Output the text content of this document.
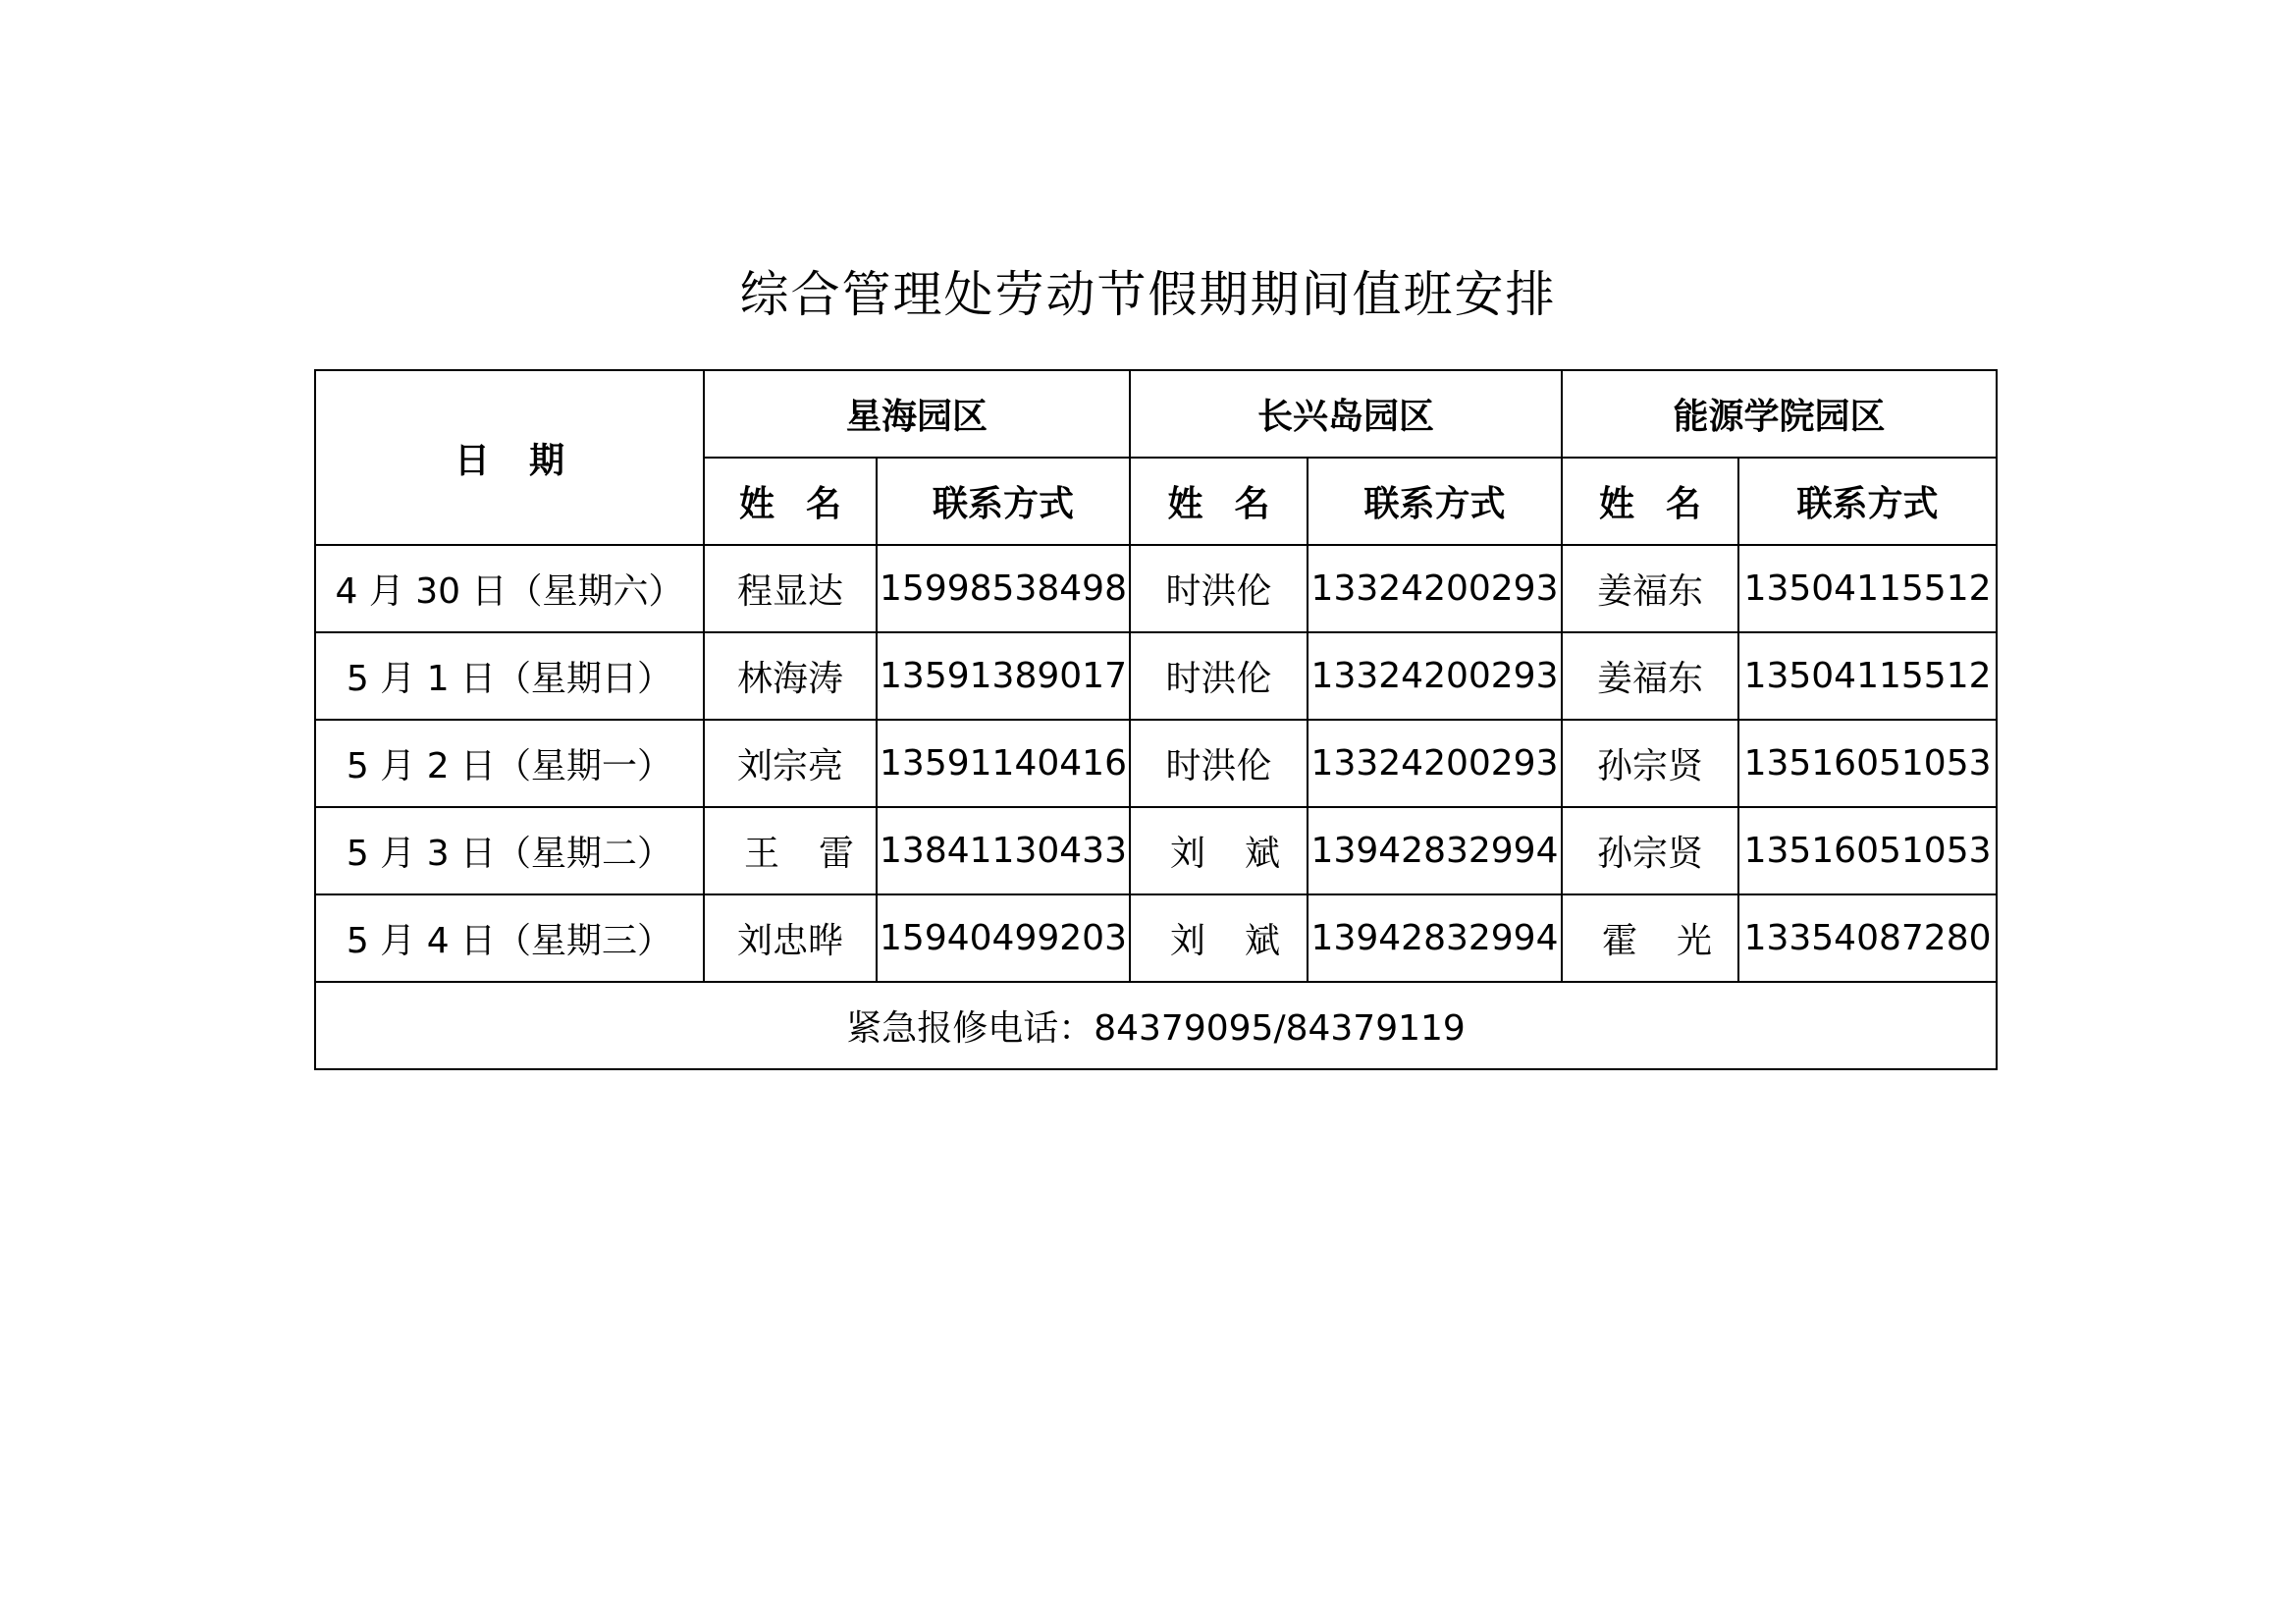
综合管理处劳动节假期期间值班安排
日期	星海园区		长兴岛园区		能源学院园区	
	姓名	联系方式	姓名	联系方式	姓名	联系方式
4 月 30 日（星期六）	程显达	15998538498	时洪伦	13324200293	姜福东	13504115512
5 月 1 日（星期日）	林海涛	13591389017	时洪伦	13324200293	姜福东	13504115512
5 月 2 日（星期一）	刘宗亮	13591140416	时洪伦	13324200293	孙宗贤	13516051053
5 月 3 日（星期二）	王雷	13841130433	刘斌	13942832994	孙宗贤	13516051053
5 月 4 日（星期三）	刘忠晔	15940499203	刘斌	13942832994	霍光	13354087280
紧急报修电话：84379095/84379119						
